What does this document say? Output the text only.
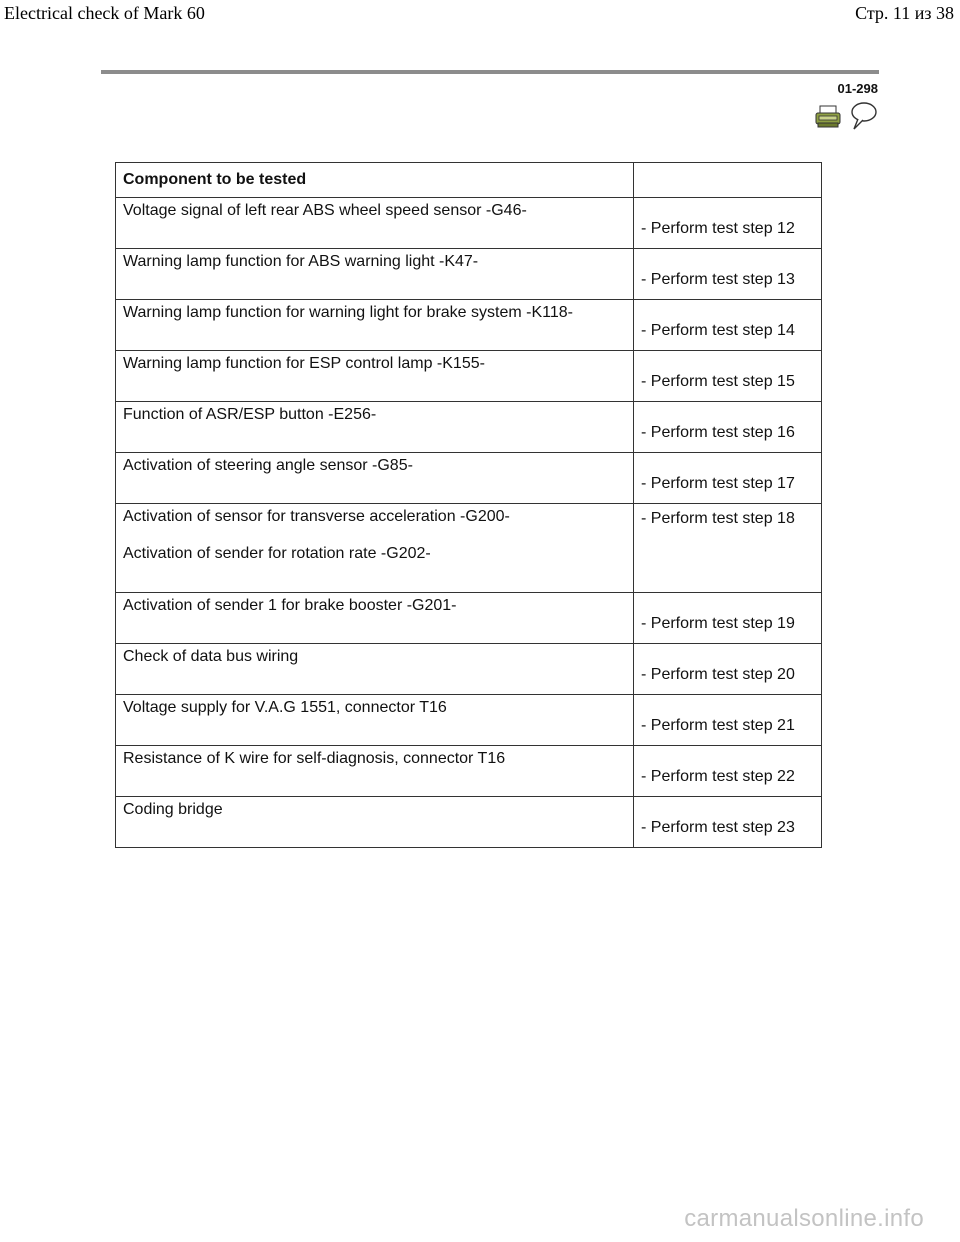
Electrical check of Mark 60	Стр. 11 из 38
01-298
Component to be tested	
Voltage signal of left rear ABS wheel speed sensor -G46-	- Perform test step 12
Warning lamp function for ABS warning light -K47-	- Perform test step 13
Warning lamp function for warning light for brake system -K118-	- Perform test step 14
Warning lamp function for ESP control lamp -K155-	- Perform test step 15
Function of ASR/ESP button -E256-	- Perform test step 16
Activation of steering angle sensor -G85-	- Perform test step 17
Activation of sensor for transverse acceleration -G200-
Activation of sender for rotation rate -G202-	- Perform test step 18
Activation of sender 1 for brake booster -G201-	- Perform test step 19
Check of data bus wiring	- Perform test step 20
Voltage supply for V.A.G 1551, connector T16	- Perform test step 21
Resistance of K wire for self-diagnosis, connector T16	- Perform test step 22
Coding bridge	- Perform test step 23
carmanualsonline.info
